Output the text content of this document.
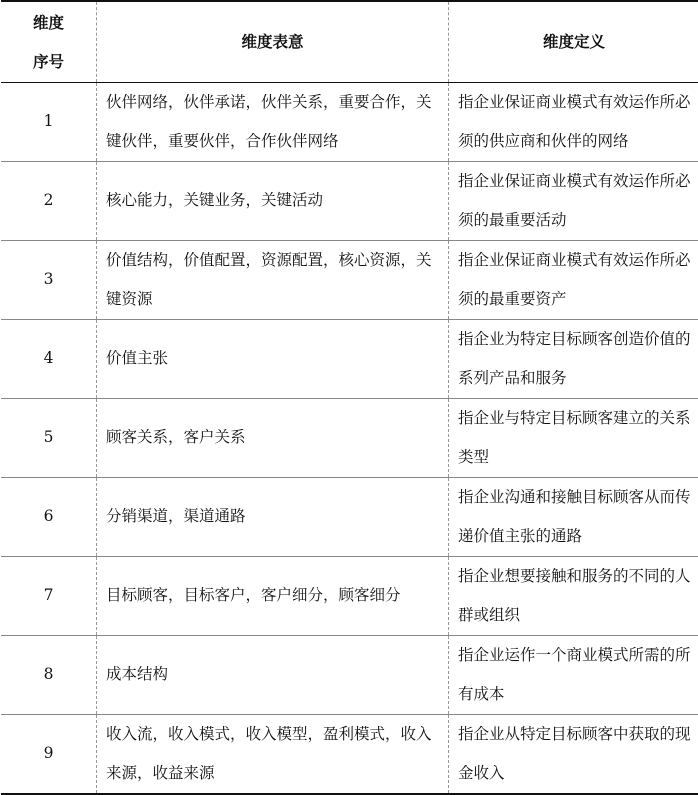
维度
序号	维度表意	维度定义
1	伙伴网络，伙伴承诺，伙伴关系，重要合作，关键伙伴，重要伙伴，合作伙伴网络	指企业保证商业模式有效运作所必须的供应商和伙伴的网络

2	核心能力，关键业务，关键活动	指企业保证商业模式有效运作所必须的最重要活动

3	价值结构，价值配置，资源配置，核心资源，关键资源	指企业保证商业模式有效运作所必须的最重要资产

4	价值主张	指企业为特定目标顾客创造价值的系列产品和服务

5	顾客关系，客户关系	指企业与特定目标顾客建立的关系类型

6	分销渠道，渠道通路	指企业沟通和接触目标顾客从而传递价值主张的通路

7	目标顾客，目标客户，客户细分，顾客细分	指企业想要接触和服务的不同的人群或组织

8	成本结构	指企业运作一个商业模式所需的所有成本

9	收入流，收入模式，收入模型，盈利模式，收入来源，收益来源	指企业从特定目标顾客中获取的现金收入
